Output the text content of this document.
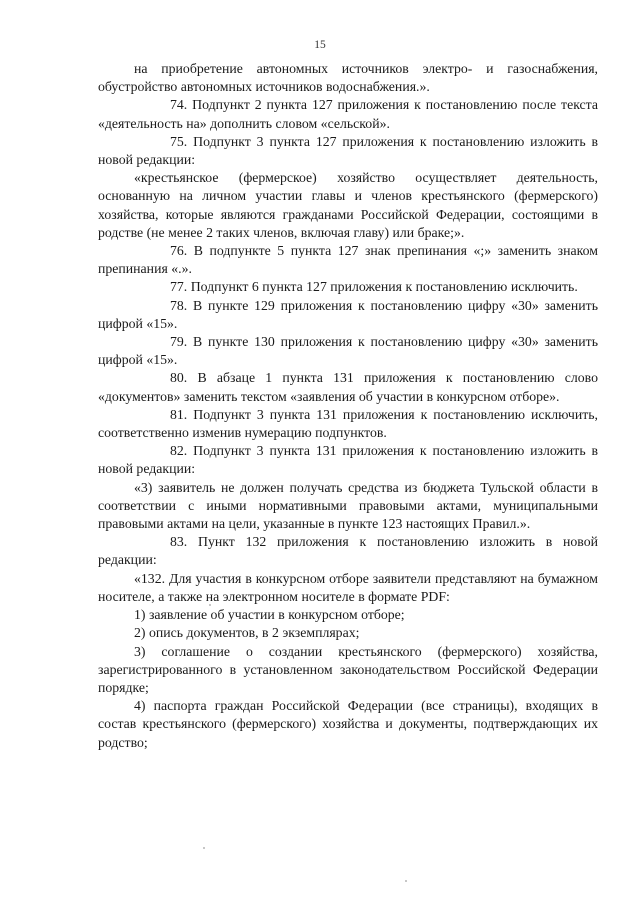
15

на приобретение автономных источников электро- и газоснабжения, обустройство автономных источников водоснабжения.».

74. Подпункт 2 пункта 127 приложения к постановлению после текста «деятельность на» дополнить словом «сельской».

75. Подпункт 3 пункта 127 приложения к постановлению изложить в новой редакции:

«крестьянское (фермерское) хозяйство осуществляет деятельность, основанную на личном участии главы и членов крестьянского (фермерского) хозяйства, которые являются гражданами Российской Федерации, состоящими в родстве (не менее 2 таких членов, включая главу) или браке;».

76. В подпункте 5 пункта 127 знак препинания «;» заменить знаком препинания «.».

77. Подпункт 6 пункта 127 приложения к постановлению исключить.

78. В пункте 129 приложения к постановлению цифру «30» заменить цифрой «15».

79. В пункте 130 приложения к постановлению цифру «30» заменить цифрой «15».

80. В абзаце 1 пункта 131 приложения к постановлению слово «документов» заменить текстом «заявления об участии в конкурсном отборе».

81. Подпункт 3 пункта 131 приложения к постановлению исключить, соответственно изменив нумерацию подпунктов.

82. Подпункт 3 пункта 131 приложения к постановлению изложить в новой редакции:

«3) заявитель не должен получать средства из бюджета Тульской области в соответствии с иными нормативными правовыми актами, муниципальными правовыми актами на цели, указанные в пункте 123 настоящих Правил.».

83. Пункт 132 приложения к постановлению изложить в новой редакции:

«132. Для участия в конкурсном отборе заявители представляют на бумажном носителе, а также на электронном носителе в формате PDF:

1) заявление об участии в конкурсном отборе;

2) опись документов, в 2 экземплярах;

3) соглашение о создании крестьянского (фермерского) хозяйства, зарегистрированного в установленном законодательством Российской Федерации порядке;

4) паспорта граждан Российской Федерации (все страницы), входящих в состав крестьянского (фермерского) хозяйства и документы, подтверждающих их родство;
